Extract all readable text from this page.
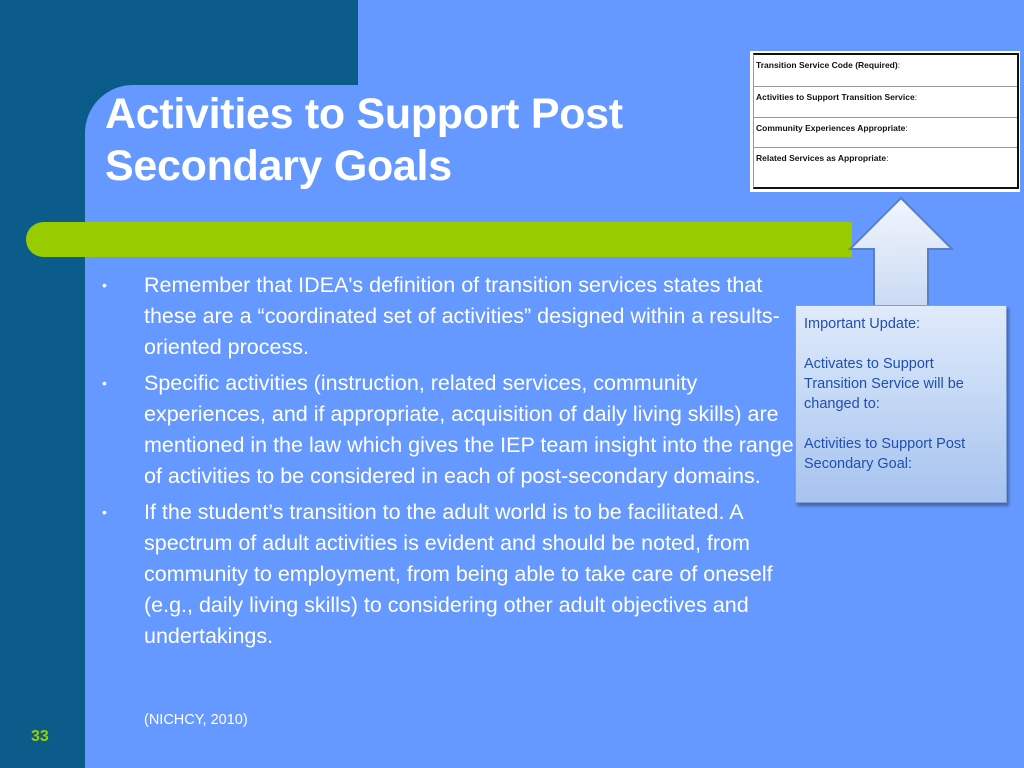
Activities to Support Post
Secondary Goals
Transition Service Code (Required):
Activities to Support Transition Service:
Community Experiences Appropriate:
Related Services as Appropriate:

Important Update:

Activates to Support Transition Service will be changed to:

Activities to Support Post Secondary Goal:

• Remember that IDEA's definition of transition services states that these are a “coordinated set of activities” designed within a results-oriented process.
• Specific activities (instruction, related services, community experiences, and if appropriate, acquisition of daily living skills) are mentioned in the law which gives the IEP team insight into the range of activities to be considered in each of post-secondary domains.
• If the student’s transition to the adult world is to be facilitated. A spectrum of adult activities is evident and should be noted, from community to employment, from being able to take care of oneself (e.g., daily living skills) to considering other adult objectives and undertakings.
(NICHCY, 2010)
33
